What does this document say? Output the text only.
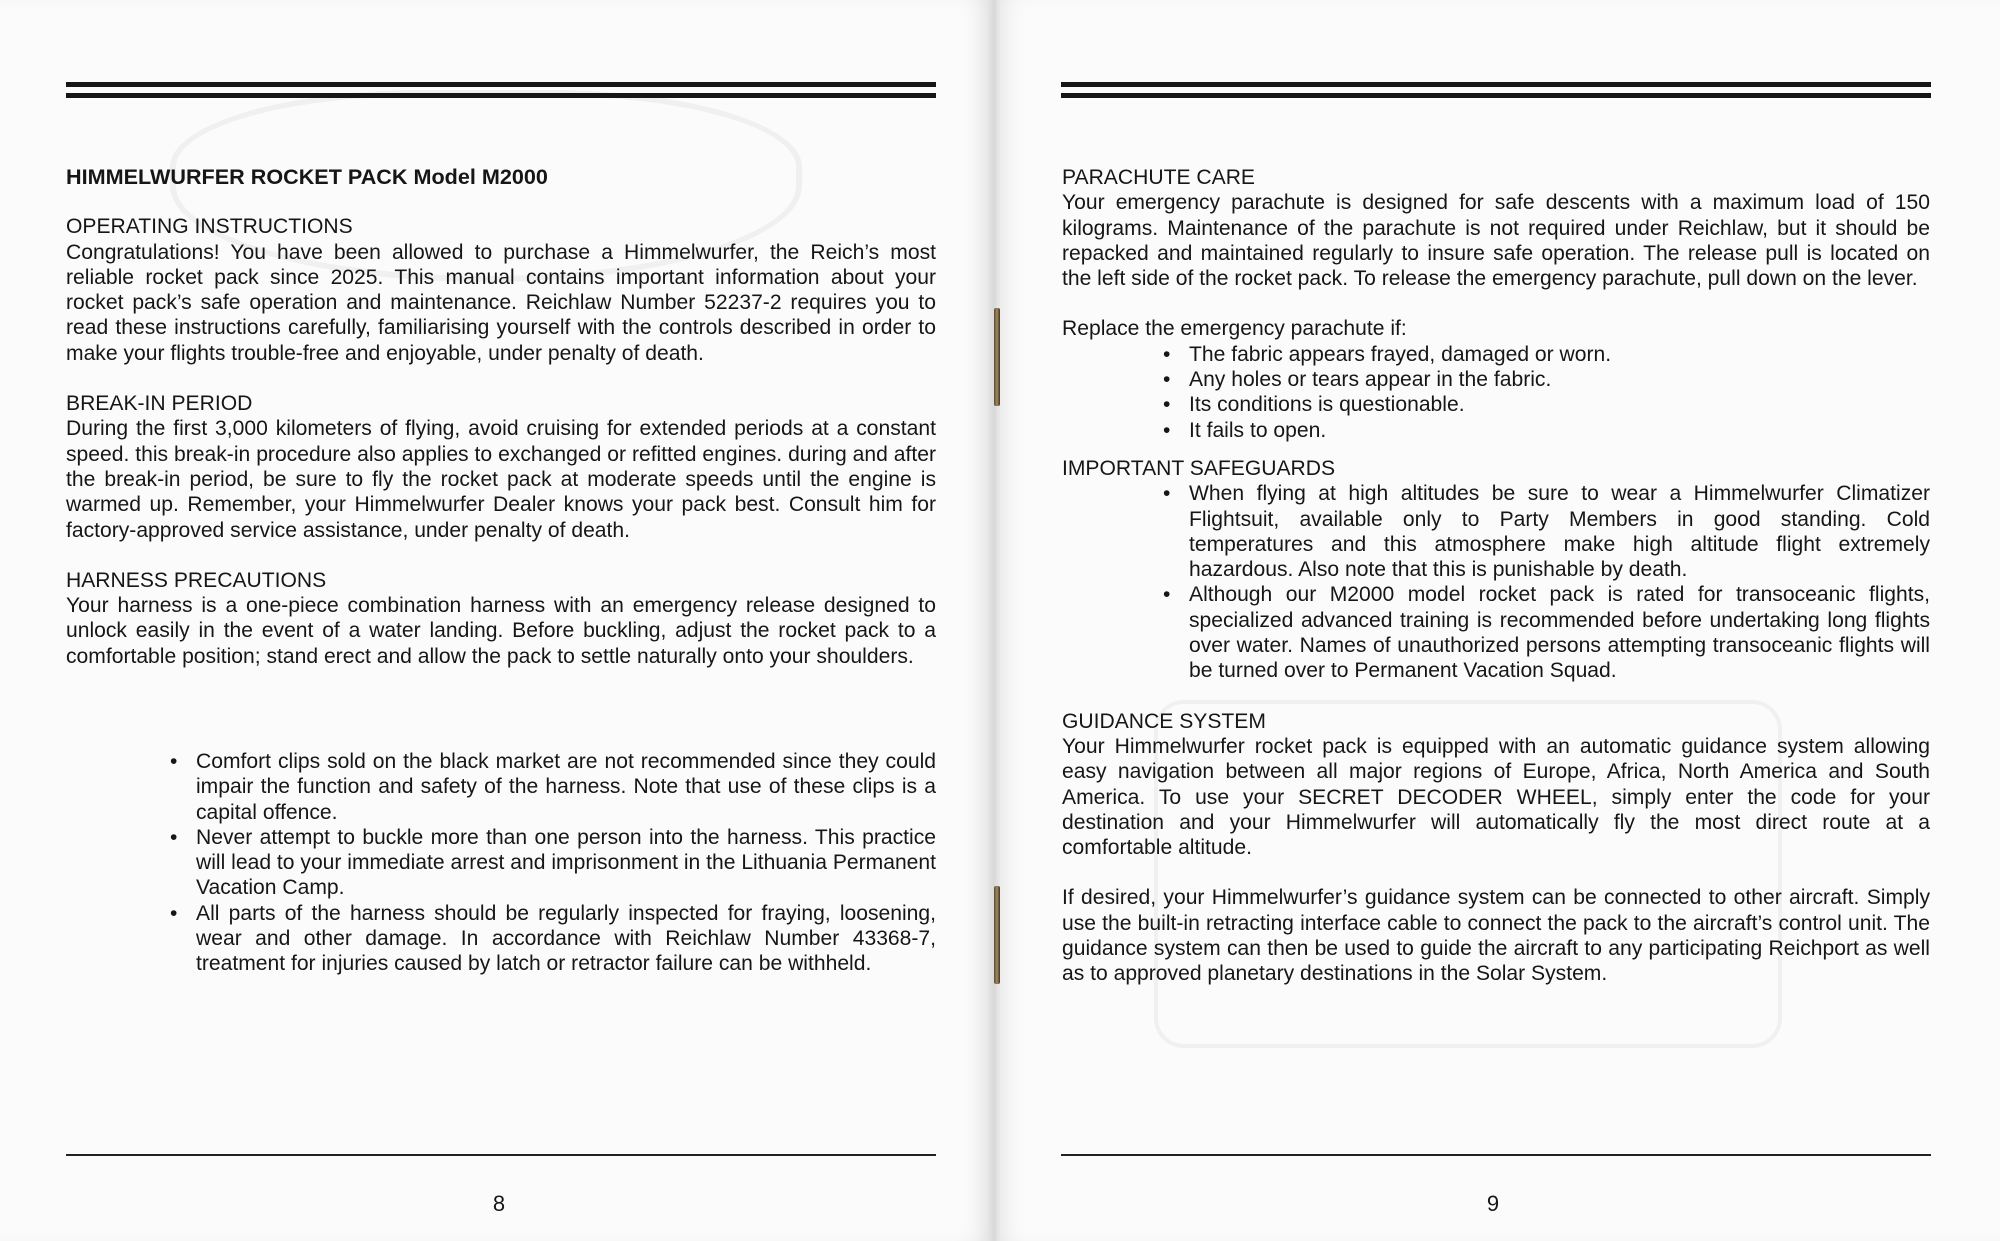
​

HIMMELWURFER ROCKET PACK Model M2000

OPERATING INSTRUCTIONS

Congratulations! You have been allowed to purchase a Himmelwurfer, the Reich’s most reliable rocket pack since 2025. This manual contains important information about your rocket pack’s safe operation and maintenance. Reichlaw Number 52237-2 requires you to read these instructions carefully, familiarising yourself with the controls described in order to make your flights trouble-free and enjoyable, under penalty of death.

BREAK-IN PERIOD

During the first 3,000 kilometers of flying, avoid cruising for extended periods at a constant speed. this break-in procedure also applies to exchanged or refitted engines. during and after the break-in period, be sure to fly the rocket pack at moderate speeds until the engine is warmed up. Remember, your Himmelwurfer Dealer knows your pack best. Consult him for factory-approved service assistance, under penalty of death.

HARNESS PRECAUTIONS

Your harness is a one-piece combination harness with an emergency release designed to unlock easily in the event of a water landing. Before buckling, adjust the rocket pack to a comfortable position; stand erect and allow the pack to settle naturally onto your shoulders.

• Comfort clips sold on the black market are not recommended since they could impair the function and safety of the harness. Note that use of these clips is a capital offence.
• Never attempt to buckle more than one person into the harness. This practice will lead to your immediate arrest and imprisonment in the Lithuania Permanent Vacation Camp.
• All parts of the harness should be regularly inspected for fraying, loosening, wear and other damage. In accordance with Reichlaw Number 43368-7, treatment for injuries caused by latch or retractor failure can be withheld.
8

PARACHUTE CARE

Your emergency parachute is designed for safe descents with a maximum load of 150 kilograms. Maintenance of the parachute is not required under Reichlaw, but it should be repacked and maintained regularly to insure safe operation. The release pull is located on the left side of the rocket pack. To release the emergency parachute, pull down on the lever.

Replace the emergency parachute if:

• The fabric appears frayed, damaged or worn.
• Any holes or tears appear in the fabric.
• Its conditions is questionable.
• It fails to open.

IMPORTANT SAFEGUARDS

• When flying at high altitudes be sure to wear a Himmelwurfer Climatizer Flightsuit, available only to Party Members in good standing. Cold temperatures and this atmosphere make high altitude flight extremely hazardous. Also note that this is punishable by death.
• Although our M2000 model rocket pack is rated for transoceanic flights, specialized advanced training is recommended before undertaking long flights over water. Names of unauthorized persons attempting transoceanic flights will be turned over to Permanent Vacation Squad.

GUIDANCE SYSTEM

Your Himmelwurfer rocket pack is equipped with an automatic guidance system allowing easy navigation between all major regions of Europe, Africa, North America and South America. To use your SECRET DECODER WHEEL, simply enter the code for your destination and your Himmelwurfer will automatically fly the most direct route at a comfortable altitude.

If desired, your Himmelwurfer’s guidance system can be connected to other aircraft. Simply use the built-in retracting interface cable to connect the pack to the aircraft’s control unit. The guidance system can then be used to guide the aircraft to any participating Reichport as well as to approved planetary destinations in the Solar System.

9
